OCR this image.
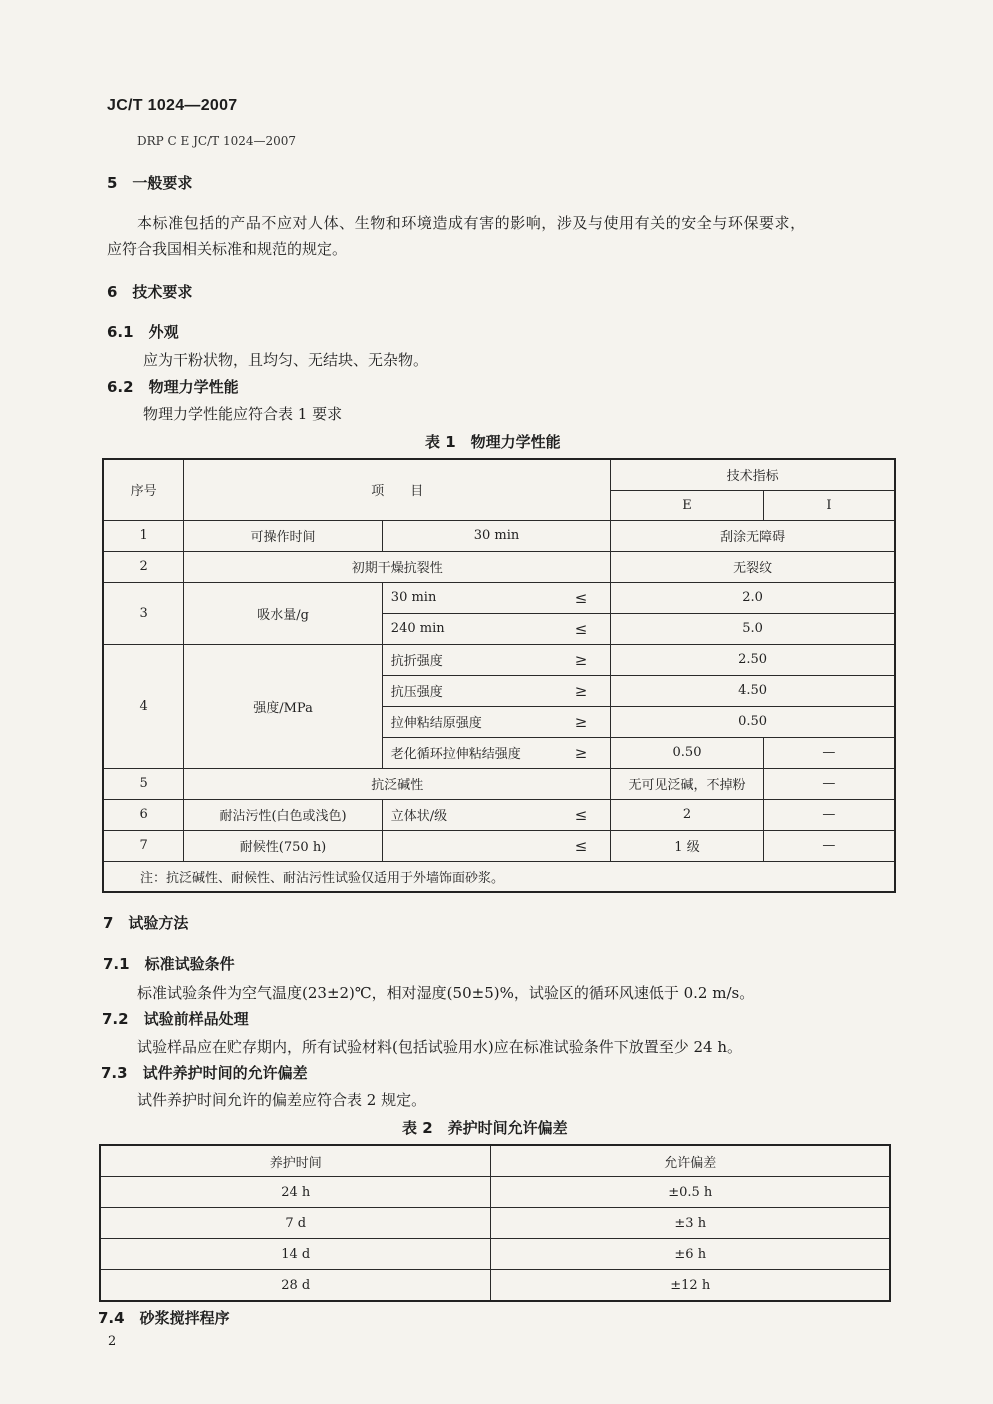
JC/T 1024—2007
DRP C E JC/T 1024—2007
5　一般要求
本标准包括的产品不应对人体、生物和环境造成有害的影响，涉及与使用有关的安全与环保要求，
应符合我国相关标准和规范的规定。
6　技术要求
6.1　外观
应为干粉状物，且均匀、无结块、无杂物。
6.2　物理力学性能
物理力学性能应符合表 1 要求
表 1　物理力学性能
序号	项　　目			技术指标	
				E	I
1	可操作时间	30 min		刮涂无障碍	
2	初期干燥抗裂性			无裂纹	
3	吸水量/g	30 min	≤	2.0	
		240 min	≤	5.0	
4	强度/MPa	抗折强度	≥	2.50	
		抗压强度	≥	4.50	
		拉伸粘结原强度	≥	0.50	
		老化循环拉伸粘结强度	≥	0.50	—
5	抗泛碱性			无可见泛碱，不掉粉	—
6	耐沾污性(白色或浅色)	立体状/级	≤	2	—
7	耐候性(750 h)		≤	1 级	—
注：抗泛碱性、耐候性、耐沾污性试验仅适用于外墙饰面砂浆。					
7　试验方法
7.1　标准试验条件
标准试验条件为空气温度(23±2)℃，相对湿度(50±5)%，试验区的循环风速低于 0.2 m/s。
7.2　试验前样品处理
试验样品应在贮存期内，所有试验材料(包括试验用水)应在标准试验条件下放置至少 24 h。
7.3　试件养护时间的允许偏差
试件养护时间允许的偏差应符合表 2 规定。
表 2　养护时间允许偏差
养护时间	允许偏差
24 h	±0.5 h
7 d	±3 h
14 d	±6 h
28 d	±12 h
7.4　砂浆搅拌程序
2
